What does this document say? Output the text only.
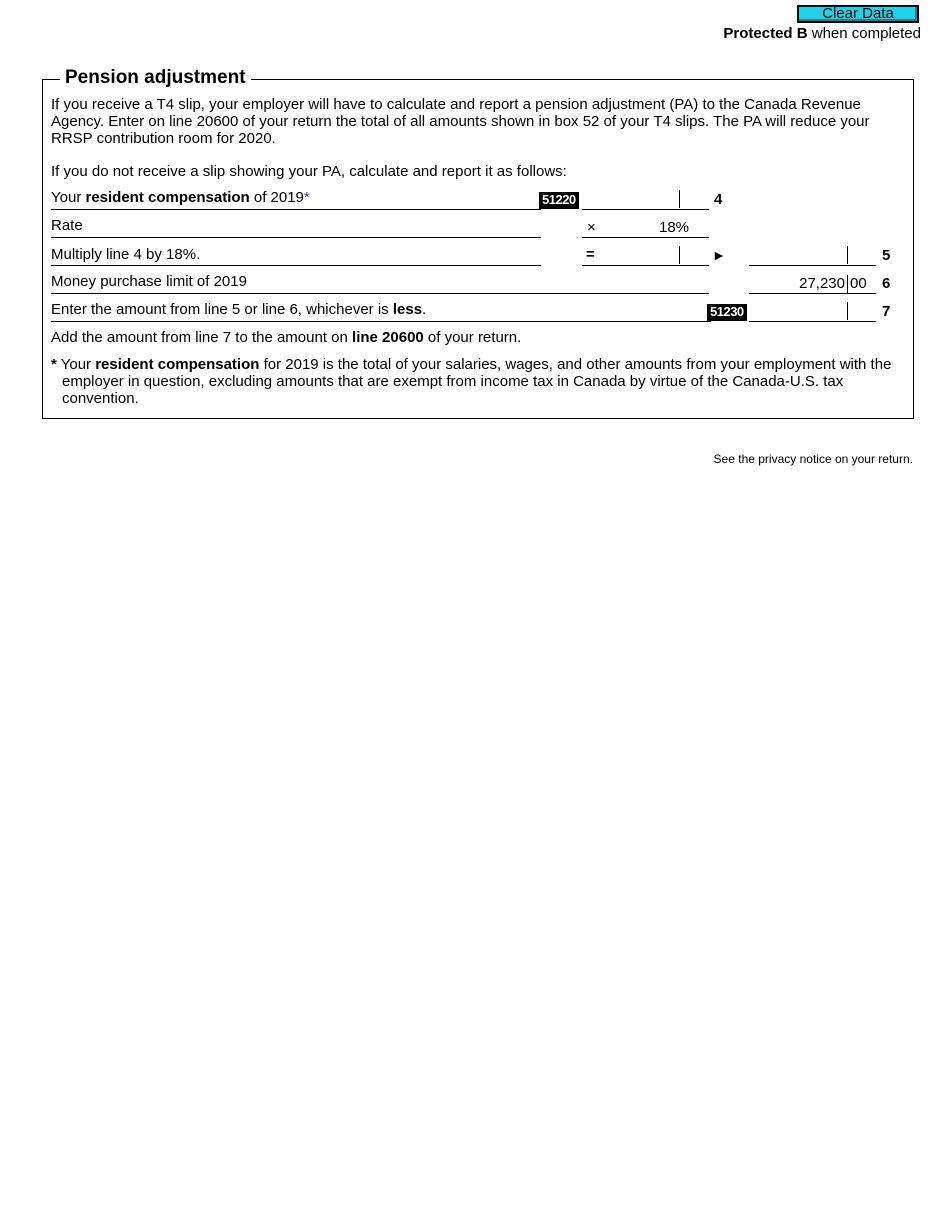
Clear Data
Protected B when completed
Pension adjustment

If you receive a T4 slip, your employer will have to calculate and report a pension adjustment (PA) to the Canada Revenue Agency. Enter on line 20600 of your return the total of all amounts shown in box 52 of your T4 slips. The PA will reduce your RRSP contribution room for 2020.

If you do not receive a slip showing your PA, calculate and report it as follows:

Your resident compensation of 2019*	51220	4
Rate	×	18%
Multiply line 4 by 18%.	=	►	5
Money purchase limit of 2019	27,230 00 6
Enter the amount from line 5 or line 6, whichever is less.	51230	7
Add the amount from line 7 to the amount on line 20600 of your return.
* Your resident compensation for 2019 is the total of your salaries, wages, and other amounts from your employment with the employer in question, excluding amounts that are exempt from income tax in Canada by virtue of the Canada-U.S. tax convention.
See the privacy notice on your return.
